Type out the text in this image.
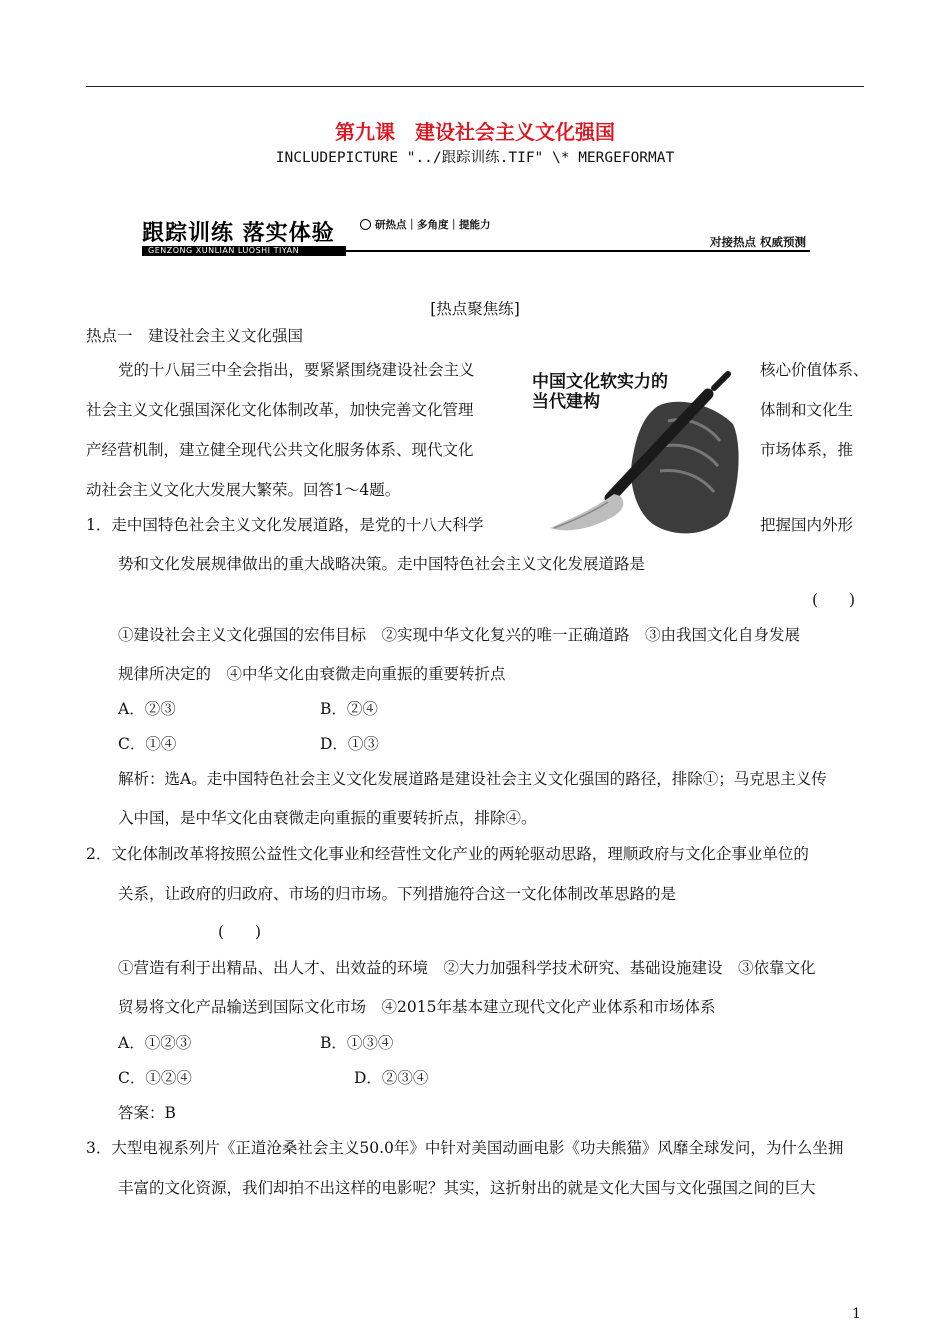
第九课　建设社会主义文化强国
INCLUDEPICTURE "../跟踪训练.TIF" \* MERGEFORMAT
跟踪训练 落实体验
GENZONG XUNLIAN LUOSHI TIYAN
研热点｜多角度｜提能力
对接热点 权威预测
[热点聚焦练]
热点一　建设社会主义文化强国
中国文化软实力的
当代建构
党的十八届三中全会指出，要紧紧围绕建设社会主义	核心价值体系、
社会主义文化强国深化文化体制改革，加快完善文化管理	体制和文化生
产经营机制，建立健全现代公共文化服务体系、现代文化	市场体系，推
动社会主义文化大发展大繁荣。回答1～4题。
1．走中国特色社会主义文化发展道路，是党的十八大科学	把握国内外形
势和文化发展规律做出的重大战略决策。走中国特色社会主义文化发展道路是
(　　)
①建设社会主义文化强国的宏伟目标　②实现中华文化复兴的唯一正确道路　③由我国文化自身发展
规律所决定的　④中华文化由衰微走向重振的重要转折点
A．②③	B．②④
C．①④	D．①③
解析：选A。走中国特色社会主义文化发展道路是建设社会主义文化强国的路径，排除①；马克思主义传
入中国，是中华文化由衰微走向重振的重要转折点，排除④。
2．文化体制改革将按照公益性文化事业和经营性文化产业的两轮驱动思路，理顺政府与文化企事业单位的
关系，让政府的归政府、市场的归市场。下列措施符合这一文化体制改革思路的是
(　　)
①营造有利于出精品、出人才、出效益的环境　②大力加强科学技术研究、基础设施建设　③依靠文化
贸易将文化产品输送到国际文化市场　④2015年基本建立现代文化产业体系和市场体系
A．①②③	B．①③④
C．①②④	D．②③④
答案：B
3．大型电视系列片《正道沧桑社会主义50.0年》中针对美国动画电影《功夫熊猫》风靡全球发问，为什么坐拥
丰富的文化资源，我们却拍不出这样的电影呢？其实，这折射出的就是文化大国与文化强国之间的巨大
1
